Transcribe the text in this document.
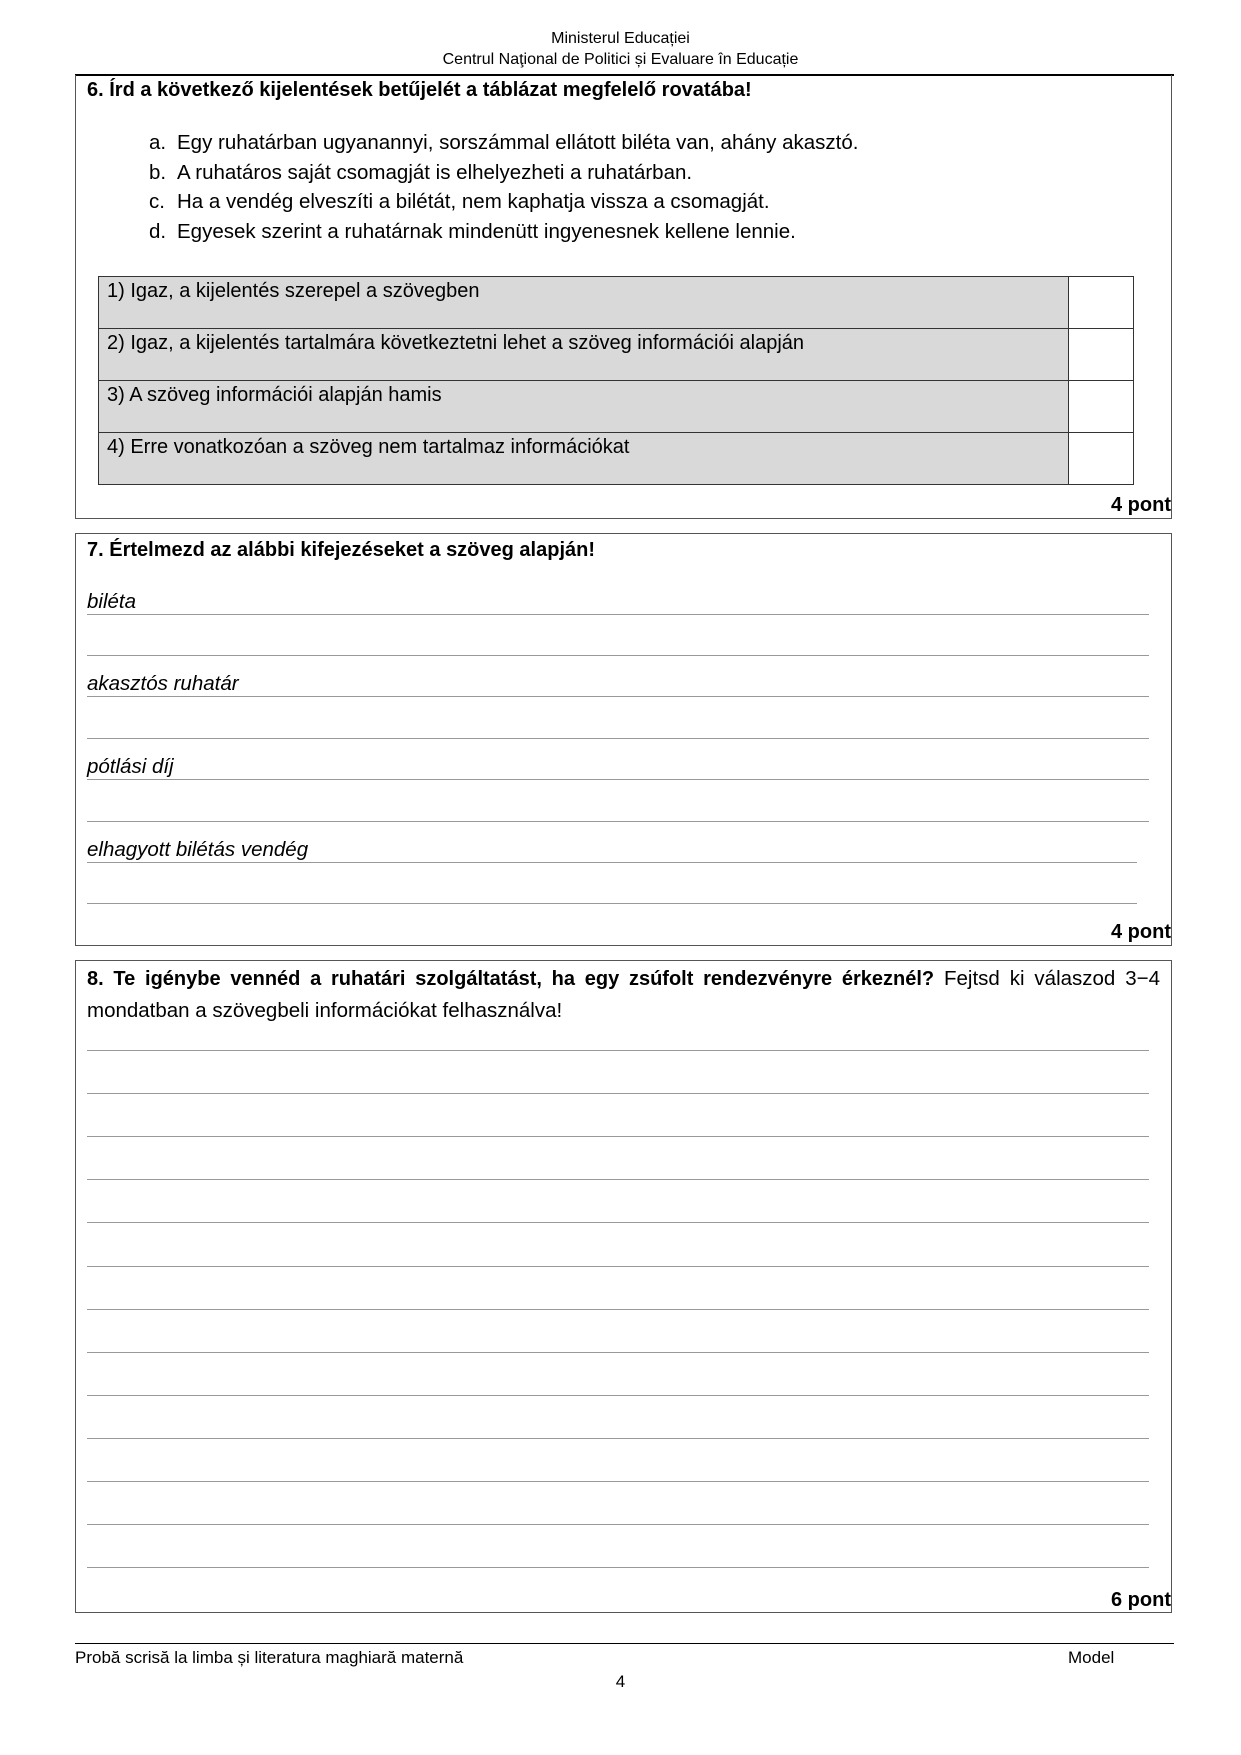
Ministerul Educației
Centrul Naţional de Politici și Evaluare în Educație
6. Írd a következő kijelentések betűjelét a táblázat megfelelő rovatába!
a. Egy ruhatárban ugyanannyi, sorszámmal ellátott biléta van, ahány akasztó.
b. A ruhatáros saját csomagját is elhelyezheti a ruhatárban.
c. Ha a vendég elveszíti a bilétát, nem kaphatja vissza a csomagját.
d. Egyesek szerint a ruhatárnak mindenütt ingyenesnek kellene lennie.
1) Igaz, a kijelentés szerepel a szövegben	
2) Igaz, a kijelentés tartalmára következtetni lehet a szöveg információi alapján	
3) A szöveg információi alapján hamis	
4) Erre vonatkozóan a szöveg nem tartalmaz információkat	
4 pont
7. Értelmezd az alábbi kifejezéseket a szöveg alapján!
biléta
akasztós ruhatár
pótlási díj
elhagyott bilétás vendég
4 pont
8. Te igénybe vennéd a ruhatári szolgáltatást, ha egy zsúfolt rendezvényre érkeznél? Fejtsd ki válaszod 3−4 mondatban a szövegbeli információkat felhasználva!
6 pont
Probă scrisă la limba și literatura maghiară maternă	Model
4
